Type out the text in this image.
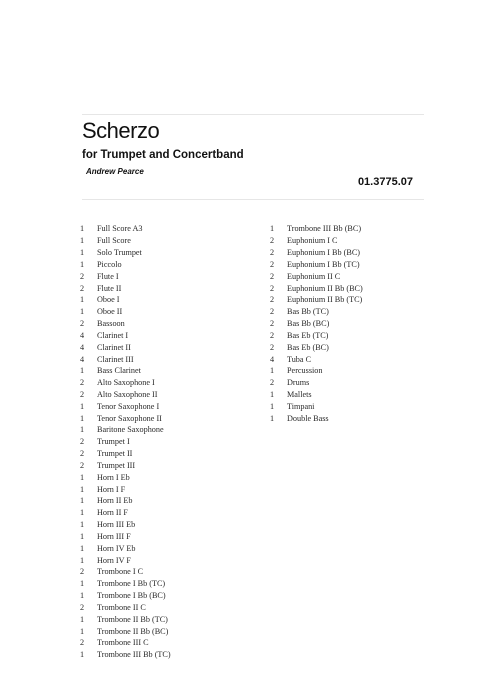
Scherzo
for Trumpet and Concertband
Andrew Pearce
01.3775.07
1	Full Score A3
1	Full Score
1	Solo Trumpet
1	Piccolo
2	Flute I
2	Flute II
1	Oboe I
1	Oboe II
2	Bassoon
4	Clarinet I
4	Clarinet II
4	Clarinet III
1	Bass Clarinet
2	Alto Saxophone I
2	Alto Saxophone II
1	Tenor Saxophone I
1	Tenor Saxophone II
1	Baritone Saxophone
2	Trumpet I
2	Trumpet II
2	Trumpet III
1	Horn I Eb
1	Horn I F
1	Horn II Eb
1	Horn II F
1	Horn III Eb
1	Horn III F
1	Horn IV Eb
1	Horn IV F
2	Trombone I C
1	Trombone I Bb (TC)
1	Trombone I Bb (BC)
2	Trombone II C
1	Trombone II Bb (TC)
1	Trombone II Bb (BC)
2	Trombone III C
1	Trombone III Bb (TC)
1	Trombone III Bb (BC)
2	Euphonium I C
2	Euphonium I Bb (BC)
2	Euphonium I Bb (TC)
2	Euphonium II C
2	Euphonium II Bb (BC)
2	Euphonium II Bb (TC)
2	Bas Bb (TC)
2	Bas Bb (BC)
2	Bas Eb (TC)
2	Bas Eb (BC)
4	Tuba C
1	Percussion
2	Drums
1	Mallets
1	Timpani
1	Double Bass
